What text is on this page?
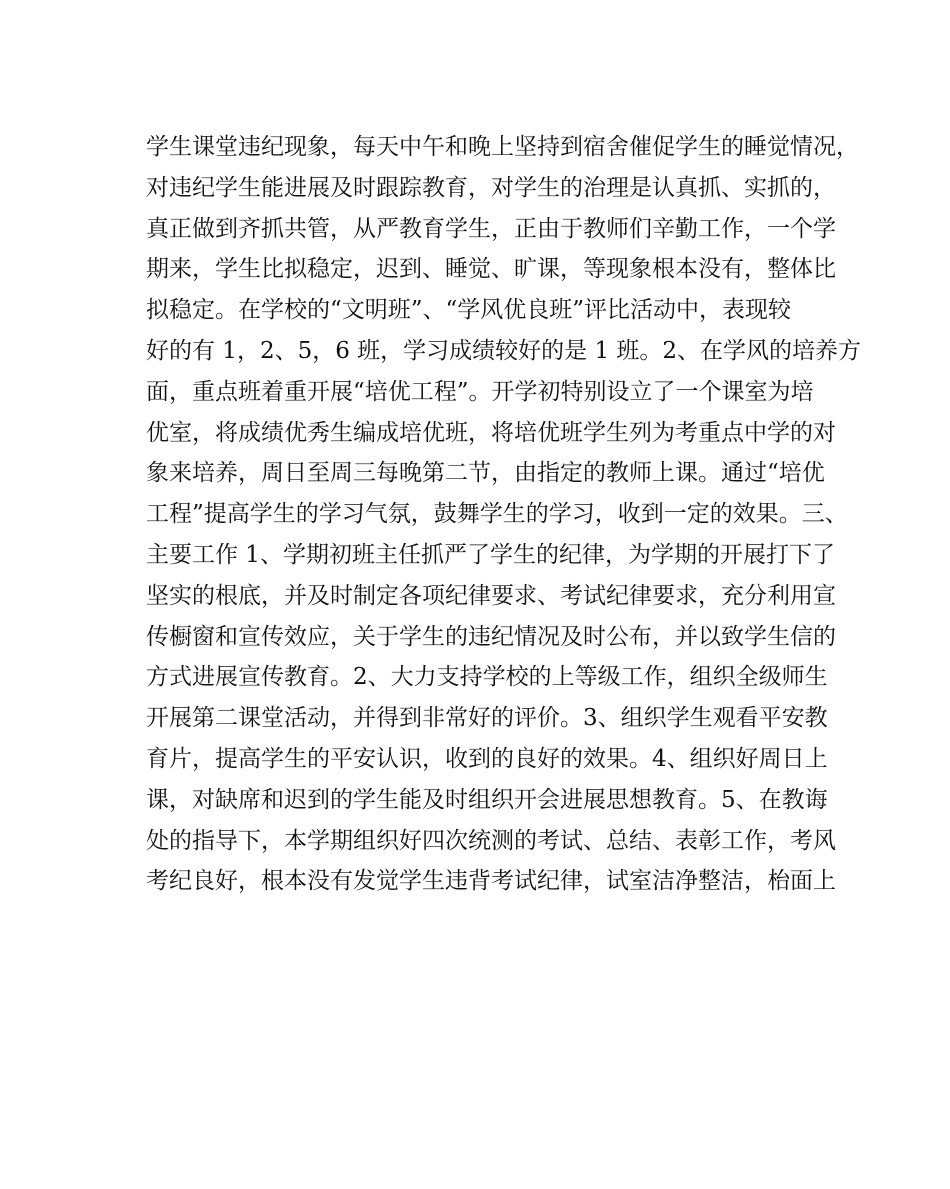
学生课堂违纪现象，每天中午和晚上坚持到宿舍催促学生的睡觉情况，
对违纪学生能进展及时跟踪教育，对学生的治理是认真抓、实抓的，
真正做到齐抓共管，从严教育学生，正由于教师们辛勤工作，一个学
期来，学生比拟稳定，迟到、睡觉、旷课，等现象根本没有，整体比
拟稳定。在学校的“文明班”、“学风优良班”评比活动中，表现较
好的有 1，2、5，6 班，学习成绩较好的是 1 班。2、在学风的培养方
面，重点班着重开展“培优工程”。开学初特别设立了一个课室为培
优室，将成绩优秀生编成培优班，将培优班学生列为考重点中学的对
象来培养，周日至周三每晚第二节，由指定的教师上课。通过“培优
工程”提高学生的学习气氛，鼓舞学生的学习，收到一定的效果。三、
主要工作 1、学期初班主任抓严了学生的纪律，为学期的开展打下了
坚实的根底，并及时制定各项纪律要求、考试纪律要求，充分利用宣
传橱窗和宣传效应，关于学生的违纪情况及时公布，并以致学生信的
方式进展宣传教育。2、大力支持学校的上等级工作，组织全级师生
开展第二课堂活动，并得到非常好的评价。3、组织学生观看平安教
育片，提高学生的平安认识，收到的良好的效果。4、组织好周日上
课，对缺席和迟到的学生能及时组织开会进展思想教育。5、在教诲
处的指导下，本学期组织好四次统测的考试、总结、表彰工作，考风
考纪良好，根本没有发觉学生违背考试纪律，试室洁净整洁，枱面上
